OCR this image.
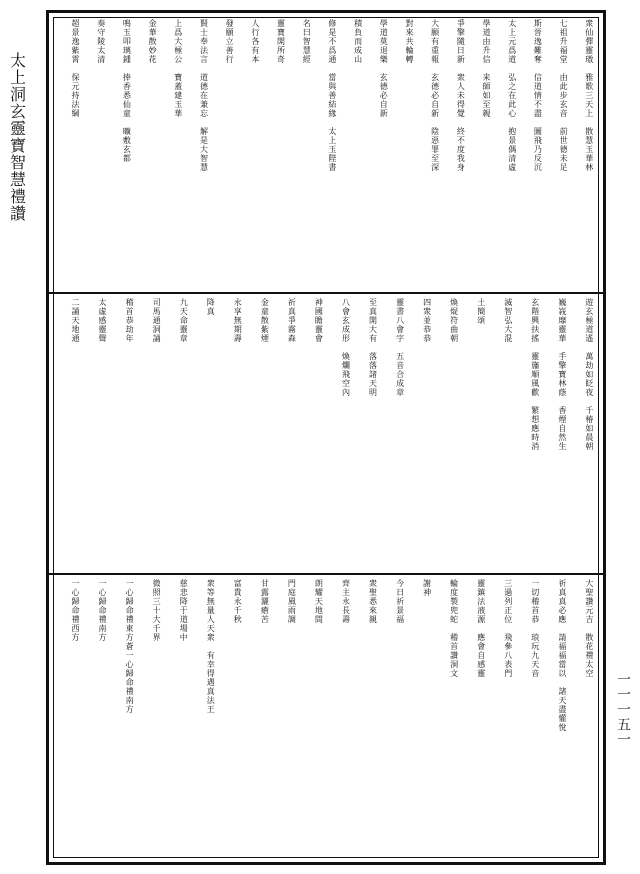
太上洞玄靈寶智慧禮讚
一一一五一
衆仙彈靈璈　雅歌三天上　散慧玉華林
七祖升福堂　由此步玄音　前世德未足
斯晉逸難奪　信道情不盡　圖飛乃反沉
太上元爲道　弘之在此心　抱景偶清虛
學道由升信　来師如至親　
爭擎隨日新　衆人未得覺　終不度我身
大願有重報　玄德必自新　陰惡罪至深
對來共輪轉　
學道莫退樂　玄德必自新
積負而成山　
修是不爲通　當與善結緣　太上玉陛書
名曰智慧經　
靈寶開所奇　
人行各有本　
發願立善行
賢士奉法言　道德在兼忘　解是大智慧
上爲大極公　寶蓋建玉華
金華散妙花　
鳴玉叩璃鍾　捧香悉仙童　曠敷玄都
奏守陵太清　
超景逸紫霄　保元持法綱
遊玄極道遙　萬劫如眨夜　千椿如晨朝
巍峩靡靈華　手擎寶林蔭　香煙自然生
玄階興扶搖　靈旛順風歡　繁想應時消
滅智弘大混　
土簡頌
煥焜符曲朝　
四衆並恭恭
靈書八會字　五音合成章
至真開大有　落落諸天明
八會玄成形　煥爛飛空內
神國瞻靈會　
祈真爭霧森　
金童散紫煙　
永享無期壽　
降真
九天命靈章　
司馬通洞誦　
稽首恭劫年　
太虛感靈聲　
二誦天地通　
大聖讚元吉　散花禮太空　
祈真真必應　請福福當以　諸天盡懽悅
一切稽首恭　琅玩九天音　
三過列正位　飛參八表門
靈鎮法液源　應會自感靈
輪度製兜蛇　稽首讚洞文
謝神
今日祈景福
衆聖悉來親
齊主永長壽
朗耀天地間
門庭風雨調
甘露灑瘡苦
富貴永千秋
衆等無量人天衆　有幸得遇真法王
慈悲降于道場中　
微照三十大千界　
一心歸命禮東方蒼一心歸命禮南方
一心歸命禮南方
一心歸命禮西方
